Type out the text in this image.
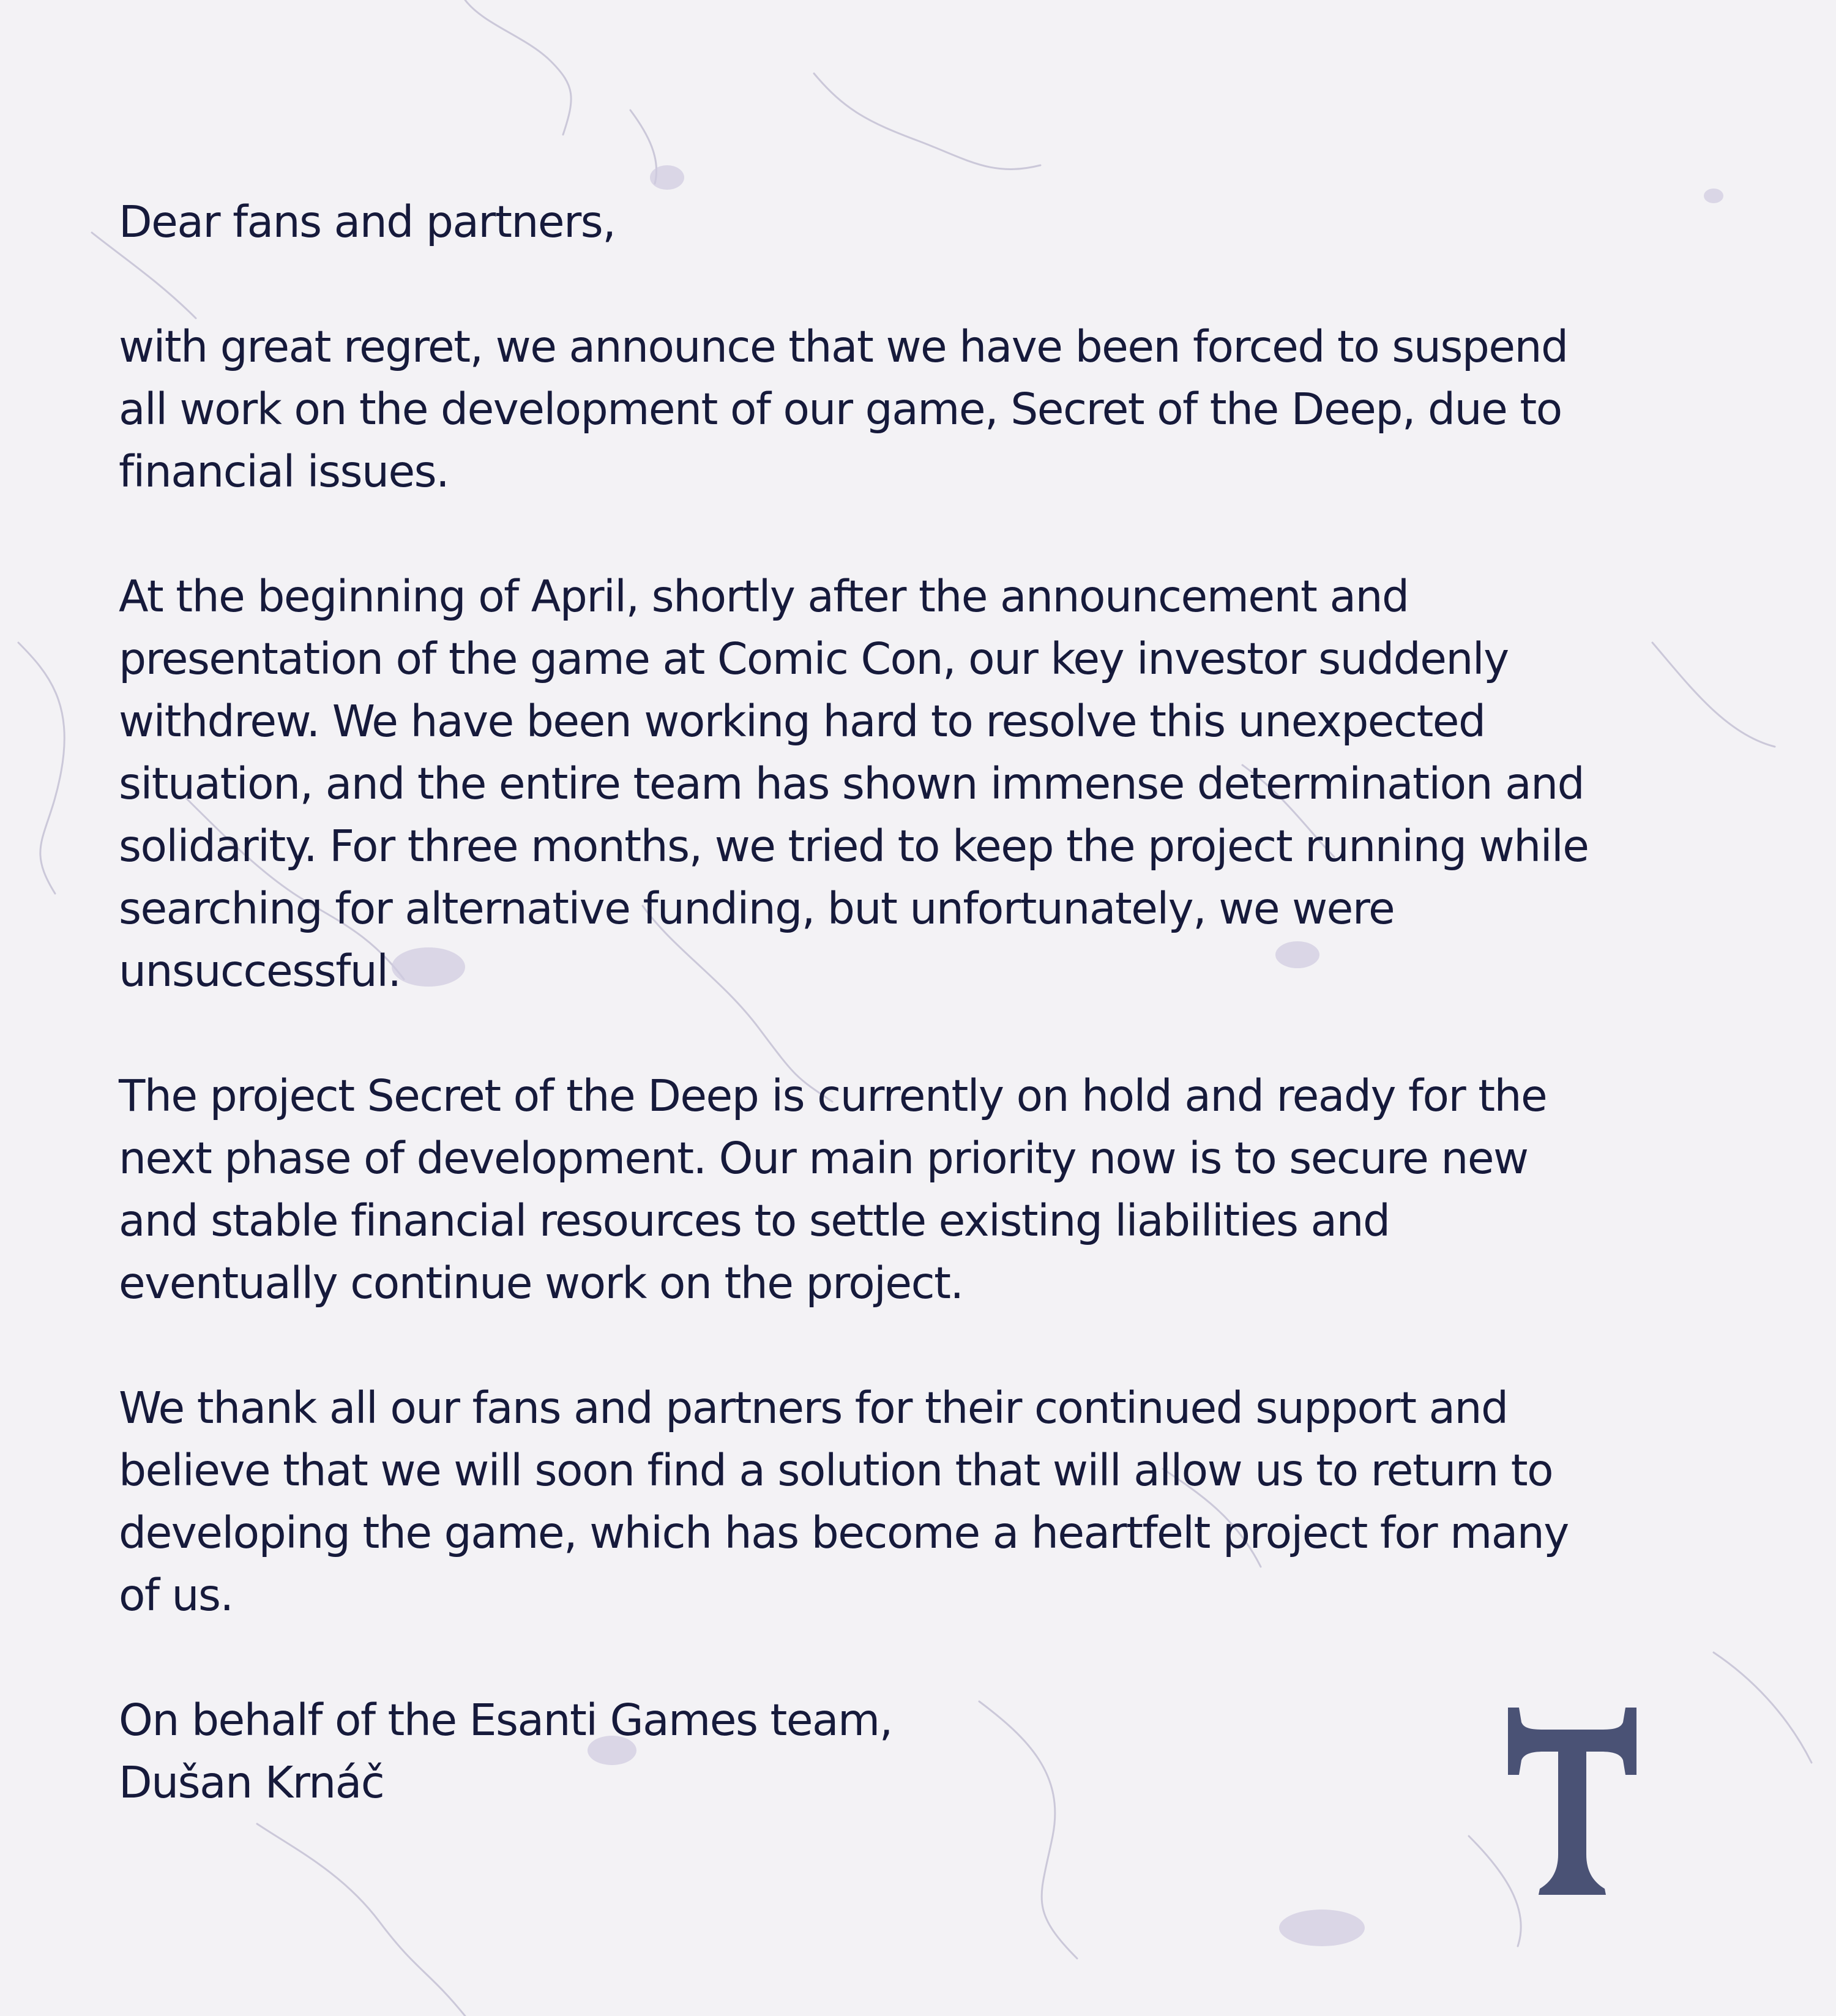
Dear fans and partners,

with great regret, we announce that we have been forced to suspend
all work on the development of our game, Secret of the Deep, due to
financial issues.

At the beginning of April, shortly after the announcement and
presentation of the game at Comic Con, our key investor suddenly
withdrew. We have been working hard to resolve this unexpected
situation, and the entire team has shown immense determination and
solidarity. For three months, we tried to keep the project running while
searching for alternative funding, but unfortunately, we were
unsuccessful.

The project Secret of the Deep is currently on hold and ready for the
next phase of development. Our main priority now is to secure new
and stable financial resources to settle existing liabilities and
eventually continue work on the project.

We thank all our fans and partners for their continued support and
believe that we will soon find a solution that will allow us to return to
developing the game, which has become a heartfelt project for many
of us.

On behalf of the Esanti Games team,
Dušan Krnáč
